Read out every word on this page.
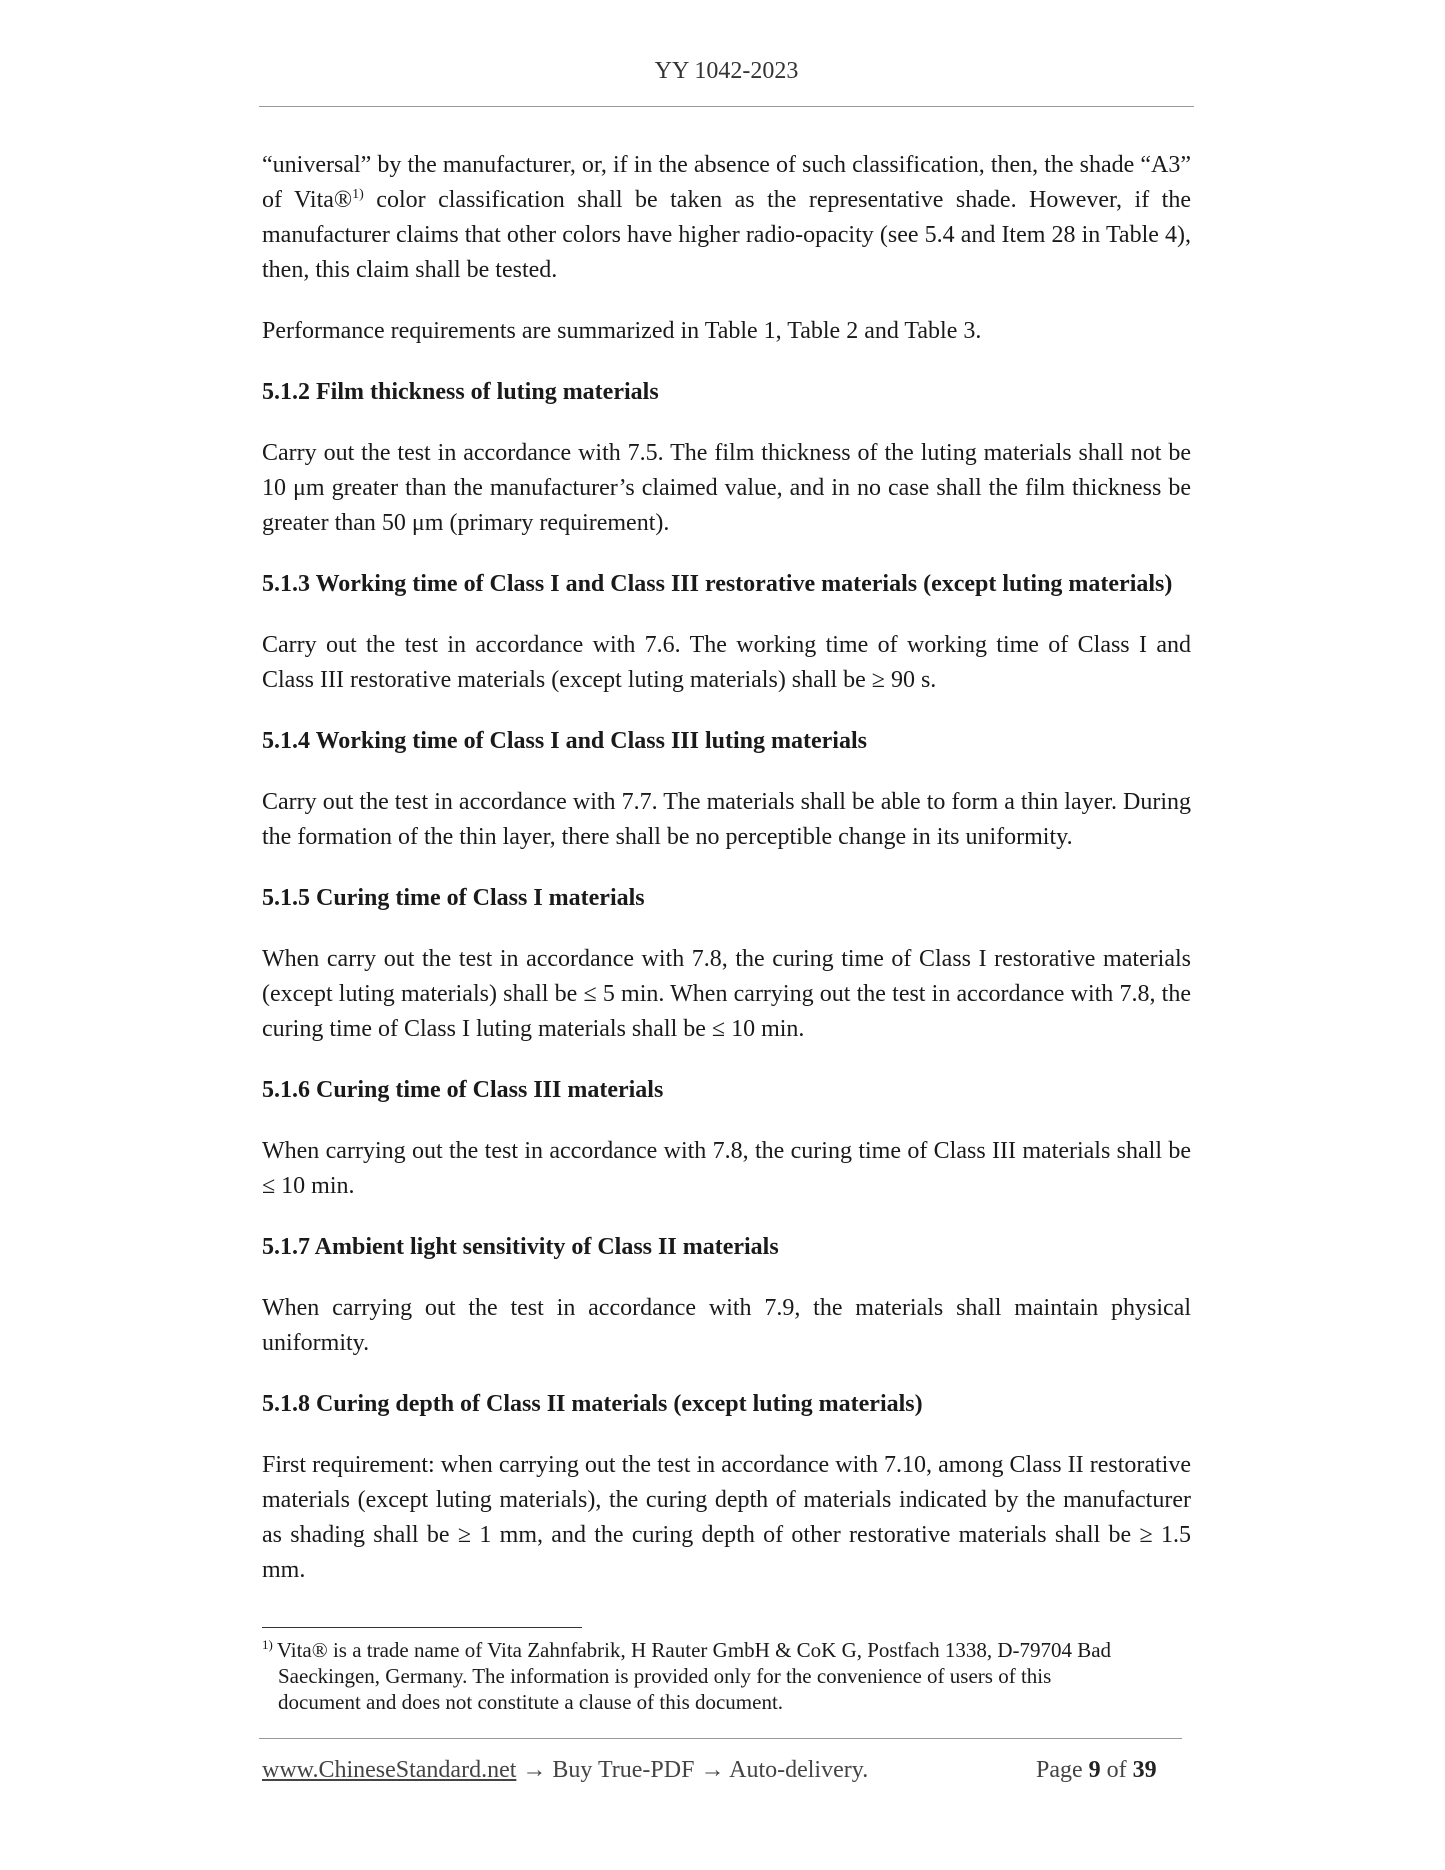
YY 1042-2023

“universal” by the manufacturer, or, if in the absence of such classification, then, the shade “A3” of Vita®$^{1)}$ color classification shall be taken as the representative shade. However, if the manufacturer claims that other colors have higher radio-opacity (see 5.4 and Item 28 in Table 4), then, this claim shall be tested.

Performance requirements are summarized in Table 1, Table 2 and Table 3.

5.1.2 Film thickness of luting materials

Carry out the test in accordance with 7.5. The film thickness of the luting materials shall not be 10 μm greater than the manufacturer’s claimed value, and in no case shall the film thickness be greater than 50 μm (primary requirement).

5.1.3 Working time of Class I and Class III restorative materials (except luting materials)

Carry out the test in accordance with 7.6. The working time of working time of Class I and Class III restorative materials (except luting materials) shall be ≥ 90 s.

5.1.4 Working time of Class I and Class III luting materials

Carry out the test in accordance with 7.7. The materials shall be able to form a thin layer. During the formation of the thin layer, there shall be no perceptible change in its uniformity.

5.1.5 Curing time of Class I materials

When carry out the test in accordance with 7.8, the curing time of Class I restorative materials (except luting materials) shall be ≤ 5 min. When carrying out the test in accordance with 7.8, the curing time of Class I luting materials shall be ≤ 10 min.

5.1.6 Curing time of Class III materials

When carrying out the test in accordance with 7.8, the curing time of Class III materials shall be ≤ 10 min.

5.1.7 Ambient light sensitivity of Class II materials

When carrying out the test in accordance with 7.9, the materials shall maintain physical uniformity.

5.1.8 Curing depth of Class II materials (except luting materials)

First requirement: when carrying out the test in accordance with 7.10, among Class II restorative materials (except luting materials), the curing depth of materials indicated by the manufacturer as shading shall be ≥ 1 mm, and the curing depth of other restorative materials shall be ≥ 1.5 mm.

$^{1)}$ Vita® is a trade name of Vita Zahnfabrik, H Rauter GmbH & CoK G, Postfach 1338, D-79704 Bad
Saeckingen, Germany. The information is provided only for the convenience of users of this
document and does not constitute a clause of this document.
www.ChineseStandard.net → Buy True-PDF → Auto-delivery.	Page 9 of 39
